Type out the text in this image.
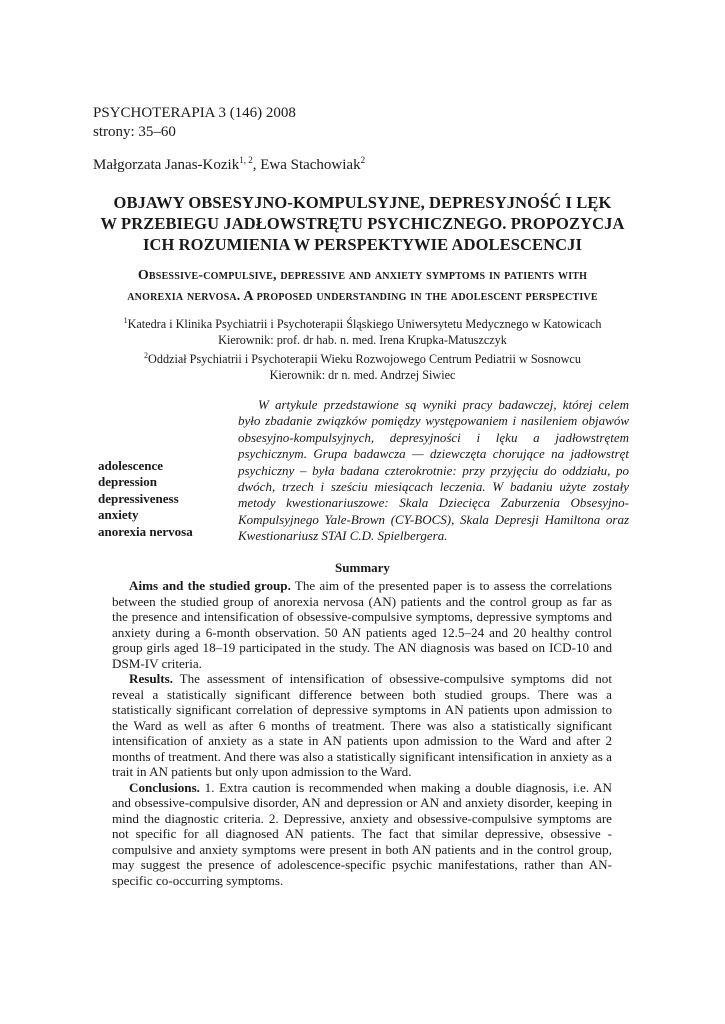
PSYCHOTERAPIA 3 (146) 2008
strony: 35–60
Małgorzata Janas-Kozik$^{1, 2}$, Ewa Stachowiak$^2$
OBJAWY OBSESYJNO-KOMPULSYJNE, DEPRESYJNOŚĆ I LĘK
W PRZEBIEGU JADŁOWSTRĘTU PSYCHICZNEGO. PROPOZYCJA
ICH ROZUMIENIA W PERSPEKTYWIE ADOLESCENCJI
Obsessive-compulsive, depressive and anxiety symptoms in patients with
anorexia nervosa. A proposed understanding in the adolescent perspective
$^1$Katedra i Klinika Psychiatrii i Psychoterapii Śląskiego Uniwersytetu Medycznego w Katowicach
Kierownik: prof. dr hab. n. med. Irena Krupka-Matuszczyk
$^2$Oddział Psychiatrii i Psychoterapii Wieku Rozwojowego Centrum Pediatrii w Sosnowcu
Kierownik: dr n. med. Andrzej Siwiec
adolescence
depression
depressiveness
anxiety
anorexia nervosa
W artykule przedstawione są wyniki pracy badawczej, której celem było zbadanie związków pomiędzy występowaniem i nasileniem objawów obsesyjno-kompulsyjnych, depresyjności i lęku a jadłowstrętem psychicznym. Grupa badawcza — dziewczęta chorujące na jadłowstręt psychiczny – była badana czterokrotnie: przy przyjęciu do oddziału, po dwóch, trzech i sześciu miesiącach leczenia. W badaniu użyte zostały metody kwestionariuszowe: Skala Dziecięca Zaburzenia Obsesyjno-Kompulsyjnego Yale-Brown (CY-BOCS), Skala Depresji Hamiltona oraz Kwestionariusz STAI C.D. Spielbergera.
Summary

Aims and the studied group. The aim of the presented paper is to assess the correlations between the studied group of anorexia nervosa (AN) patients and the control group as far as the presence and intensification of obsessive-compulsive symptoms, depressive symptoms and anxiety during a 6-month observation. 50 AN patients aged 12.5–24 and 20 healthy control group girls aged 18–19 participated in the study. The AN diagnosis was based on ICD-10 and DSM-IV criteria.

Results. The assessment of intensification of obsessive-compulsive symptoms did not reveal a statistically significant difference between both studied groups. There was a statistically significant correlation of depressive symptoms in AN patients upon admission to the Ward as well as after 6 months of treatment. There was also a statistically significant intensification of anxiety as a state in AN patients upon admission to the Ward and after 2 months of treatment. And there was also a statistically significant intensification in anxiety as a trait in AN patients but only upon admission to the Ward.

Conclusions. 1. Extra caution is recommended when making a double diagnosis, i.e. AN and obsessive-compulsive disorder, AN and depression or AN and anxiety disorder, keeping in mind the diagnostic criteria. 2. Depressive, anxiety and obsessive-compulsive symptoms are not specific for all diagnosed AN patients. The fact that similar depressive, obsessive -compulsive and anxiety symptoms were present in both AN patients and in the control group, may suggest the presence of adolescence-specific psychic manifestations, rather than AN-specific co-occurring symptoms.
